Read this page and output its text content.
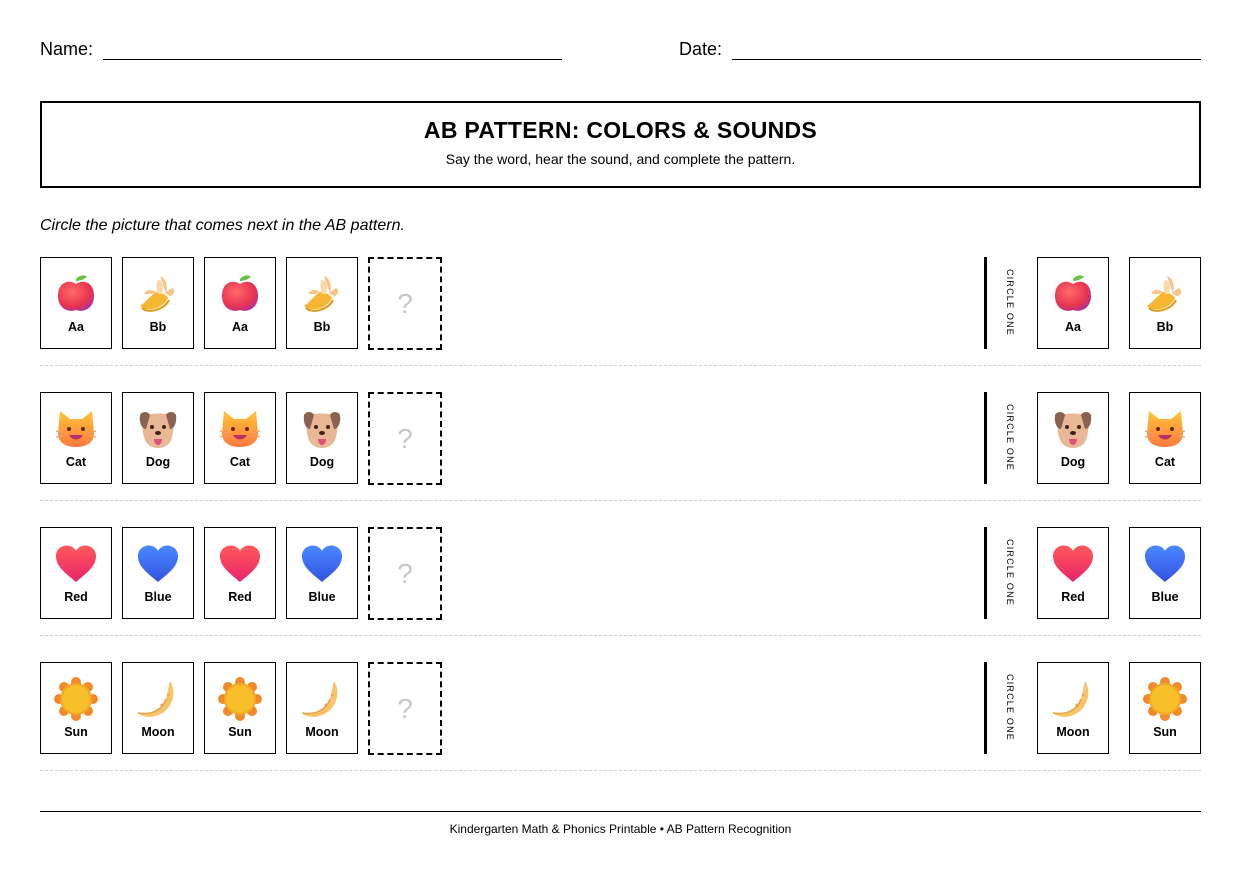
Name:	Date:
AB PATTERN: COLORS & SOUNDS

Say the word, hear the sound, and complete the pattern.

Circle the picture that comes next in the AB pattern.
Aa	Bb	Aa	Bb
?	CIRCLE ONE	Aa	Bb
Cat	Dog	Cat	Dog
?	CIRCLE ONE	Dog	Cat
Red	Blue	Red	Blue
?	CIRCLE ONE	Red	Blue
Sun	Moon	Sun	Moon
?	CIRCLE ONE	Moon	Sun
Kindergarten Math & Phonics Printable • AB Pattern Recognition
